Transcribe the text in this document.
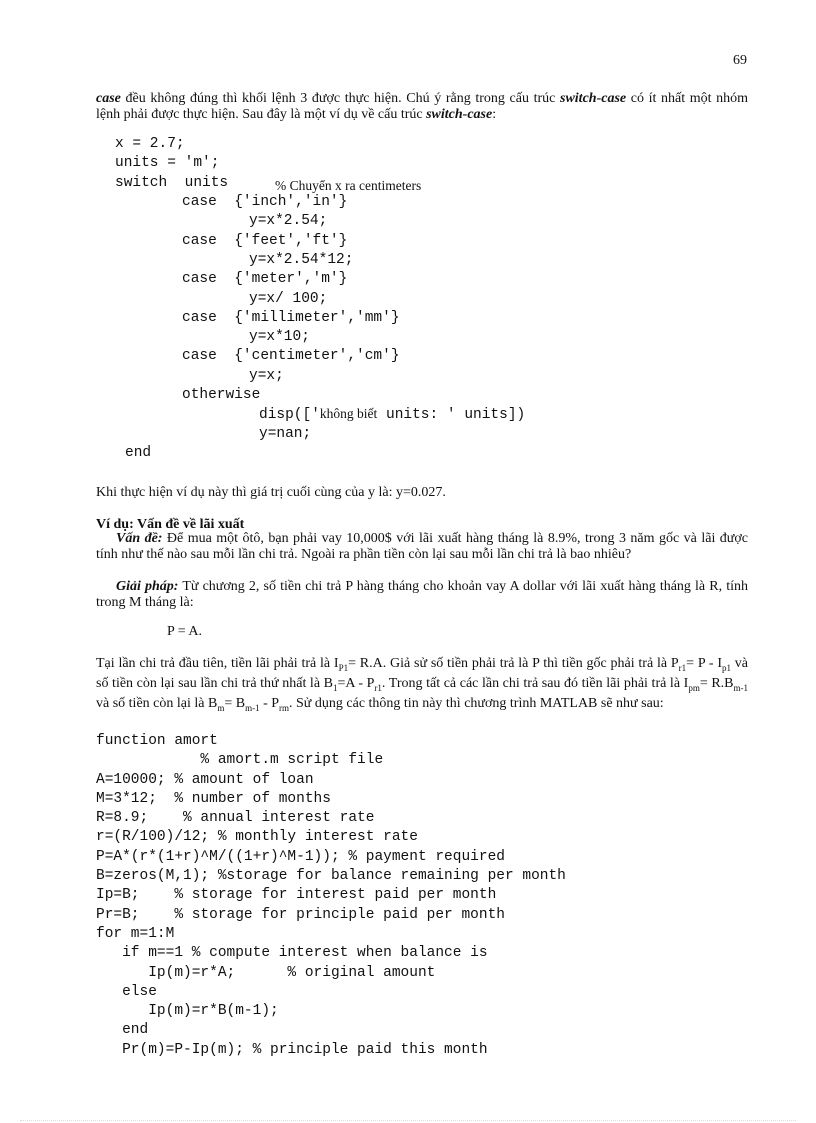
69

case đều không đúng thì khối lệnh 3 được thực hiện. Chú ý rằng trong cấu trúc switch-case có ít nhất một nhóm lệnh phải được thực hiện. Sau đây là một ví dụ về cấu trúc switch-case:

x = 2.7;

units = 'm';

switch  units

	% Chuyển x ra centimeters

case  {'inch','in'}

y=x*2.54;

case  {'feet','ft'}

y=x*2.54*12;

case  {'meter','m'}

y=x/ 100;

case  {'millimeter','mm'}

y=x*10;

case  {'centimeter','cm'}

y=x;

otherwise

disp(['không biết units: ' units])

y=nan;

end

Khi thực hiện ví dụ này thì giá trị cuối cùng của y là: y=0.027.

Ví dụ: Vấn đề về lãi xuất

Vấn đề: Để mua một ôtô, bạn phải vay 10,000$ với lãi xuất hàng tháng là 8.9%, trong 3 năm gốc và lãi được tính như thế nào sau mỗi lần chi trả. Ngoài ra phần tiền còn lại sau mỗi lần chi trả là bao nhiêu?

Giải pháp: Từ chương 2, số tiền chi trả P hàng tháng cho khoản vay A dollar với lãi xuất hàng tháng là R, tính trong M tháng là:

P = A.

Tại lần chi trả đầu tiên, tiền lãi phải trả là $I_{P1}= R.A$. Giả sử số tiền phải trả là P thì tiền gốc phải trả là $P_{r1}= P - I_{p1}$ và số tiền còn lại sau lần chi trả thứ nhất là $B_1=A - P_{r1}$. Trong tất cả các lần chi trả sau đó tiền lãi phải trả là $I_{pm}= R.B_{m-1}$ và số tiền còn lại là $B_m= B_{m-1} - P_{rm}$. Sử dụng các thông tin này thì chương trình MATLAB sẽ như sau:

function amort
% amort.m script file
A=10000; % amount of loan
M=3*12;  % number of months
R=8.9;    % annual interest rate
r=(R/100)/12; % monthly interest rate
P=A*(r*(1+r)^M/((1+r)^M-1)); % payment required
B=zeros(M,1); %storage for balance remaining per month
Ip=B;    % storage for interest paid per month
Pr=B;    % storage for principle paid per month
for m=1:M
if m==1 % compute interest when balance is
Ip(m)=r*A;      % original amount
else
Ip(m)=r*B(m-1);
end
Pr(m)=P-Ip(m); % principle paid this month
